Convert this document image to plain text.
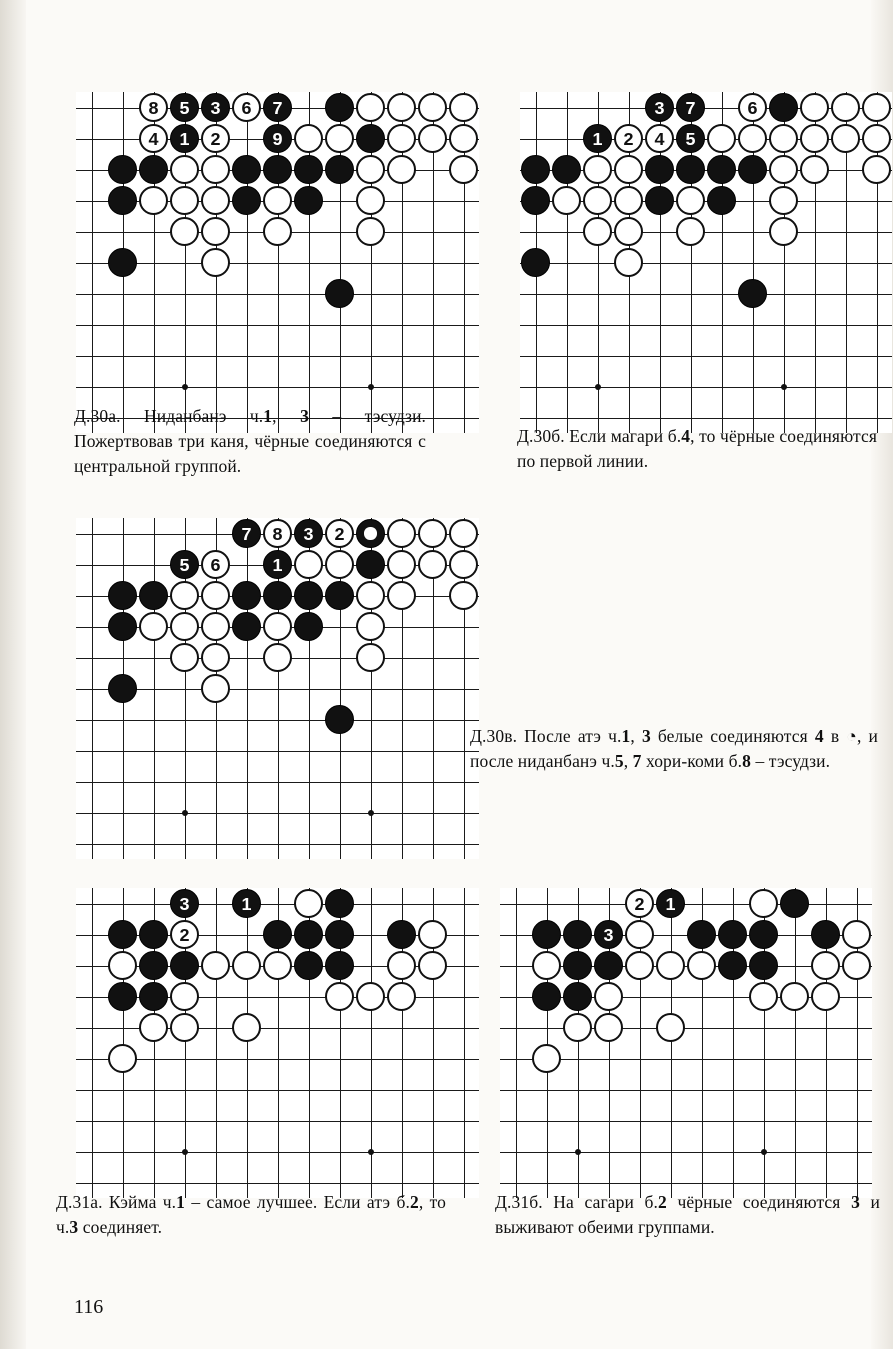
8 5 3 6 7
4 1 2	9
Д.30а. Ниданбанэ ч.1, 3 – тэсудзи. Пожертвовав три каня, чёрные соединяются с центральной группой.
3 7	6
1 2 4 5
Д.30б. Если магари б.4, то чёрные соединяются по первой линии.
7 8 3 2
5 6	1
Д.30в. После атэ ч.1, 3 белые соединяются 4 в ◔, и после ниданбанэ ч.5, 7 хори-коми б.8 – тэсудзи.
3	1
2
Д.31а. Кэйма ч.1 – самое лучшее. Если атэ б.2, то ч.3 соединяет.
2 1
3
Д.31б. На сагари б.2 чёрные соединяются 3 и выживают обеими группами.
116
